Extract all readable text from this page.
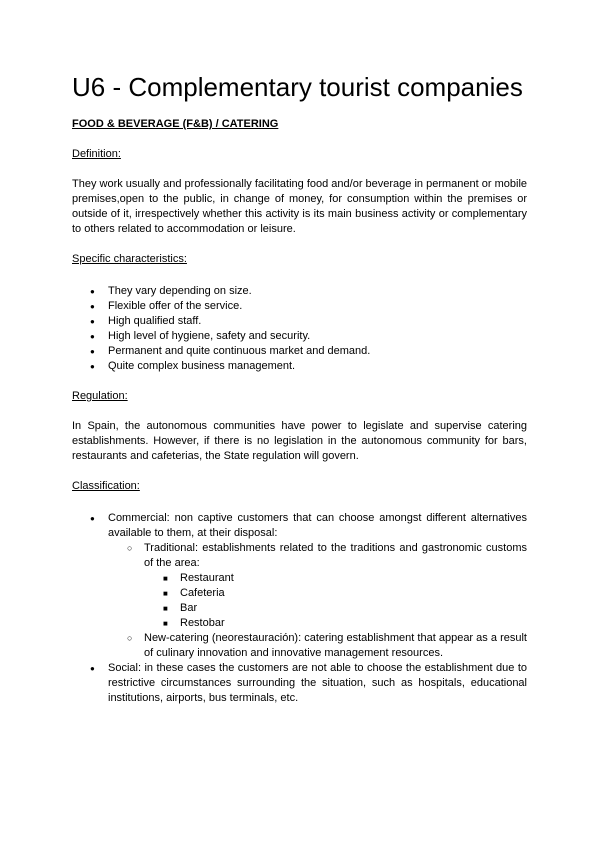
U6 - Complementary tourist companies
FOOD & BEVERAGE (F&B) / CATERING
Definition:

They work usually and professionally facilitating food and/or beverage in permanent or mobile premises,open to the public, in change of money, for consumption within the premises or outside of it, irrespectively whether this activity is its main business activity or complementary to others related to accommodation or leisure.

Specific characteristics:
● They vary depending on size.
● Flexible offer of the service.
● High qualified staff.
● High level of hygiene, safety and security.
● Permanent and quite continuous market and demand.
● Quite complex business management.
Regulation:

In Spain, the autonomous communities have power to legislate and supervise catering establishments. However, if there is no legislation in the autonomous community for bars, restaurants and cafeterias, the State regulation will govern.

Classification:
● Commercial: non captive customers that can choose amongst different alternatives available to them, at their disposal:
○ Traditional: establishments related to the traditions and gastronomic customs of the area:
■ Restaurant
■ Cafeteria
■ Bar
■ Restobar
○ New-catering (neorestauración): catering establishment that appear as a result of culinary innovation and innovative management resources.
● Social: in these cases the customers are not able to choose the establishment due to restrictive circumstances surrounding the situation, such as hospitals, educational institutions, airports, bus terminals, etc.
